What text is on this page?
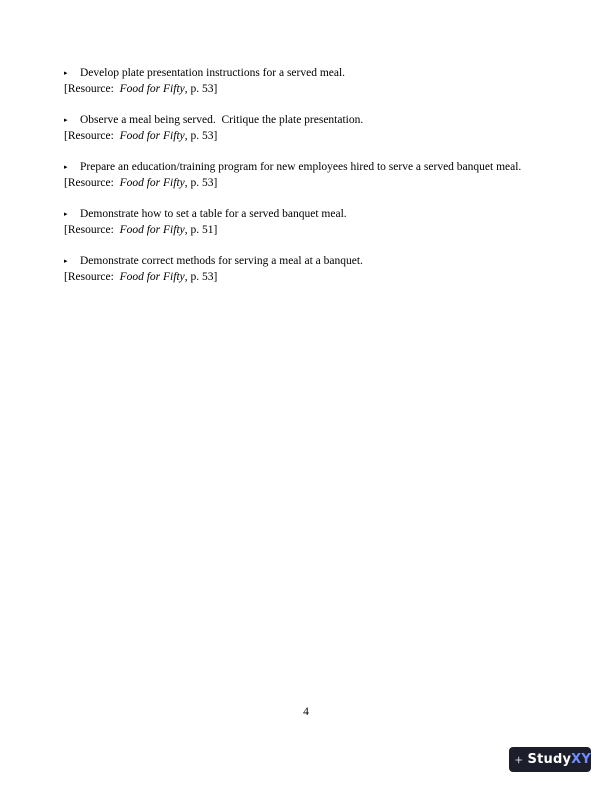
▸ Develop plate presentation instructions for a served meal.
[Resource:  Food for Fifty, p. 53]
▸ Observe a meal being served.  Critique the plate presentation.
[Resource:  Food for Fifty, p. 53]
▸ Prepare an education/training program for new employees hired to serve a served banquet meal.
[Resource:  Food for Fifty, p. 53]
▸ Demonstrate how to set a table for a served banquet meal.
[Resource:  Food for Fifty, p. 51]
▸ Demonstrate correct methods for serving a meal at a banquet.
[Resource:  Food for Fifty, p. 53]
4
StudyXY
